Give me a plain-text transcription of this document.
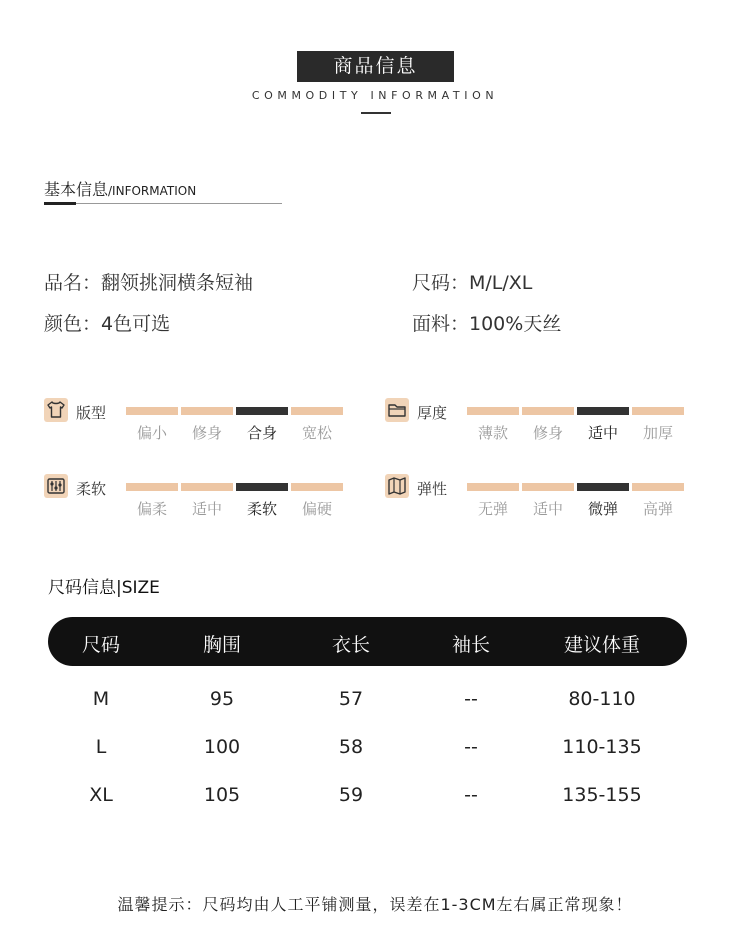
商品信息
COMMODITY INFORMATION
基本信息/INFORMATION
品名：翻领挑洞横条短袖	尺码：M/L/XL
颜色：4色可选	面料：100%天丝
版型
偏小	修身	合身	宽松
厚度
薄款	修身	适中	加厚
柔软
偏柔	适中	柔软	偏硬
弹性
无弹	适中	微弹	高弹
尺码信息|SIZE
尺码	胸围	衣长	袖长	建议体重
M	95	57	--	80-110
L	100	58	--	110-135
XL	105	59	--	135-155
温馨提示：尺码均由人工平铺测量，误差在1-3CM左右属正常现象！
